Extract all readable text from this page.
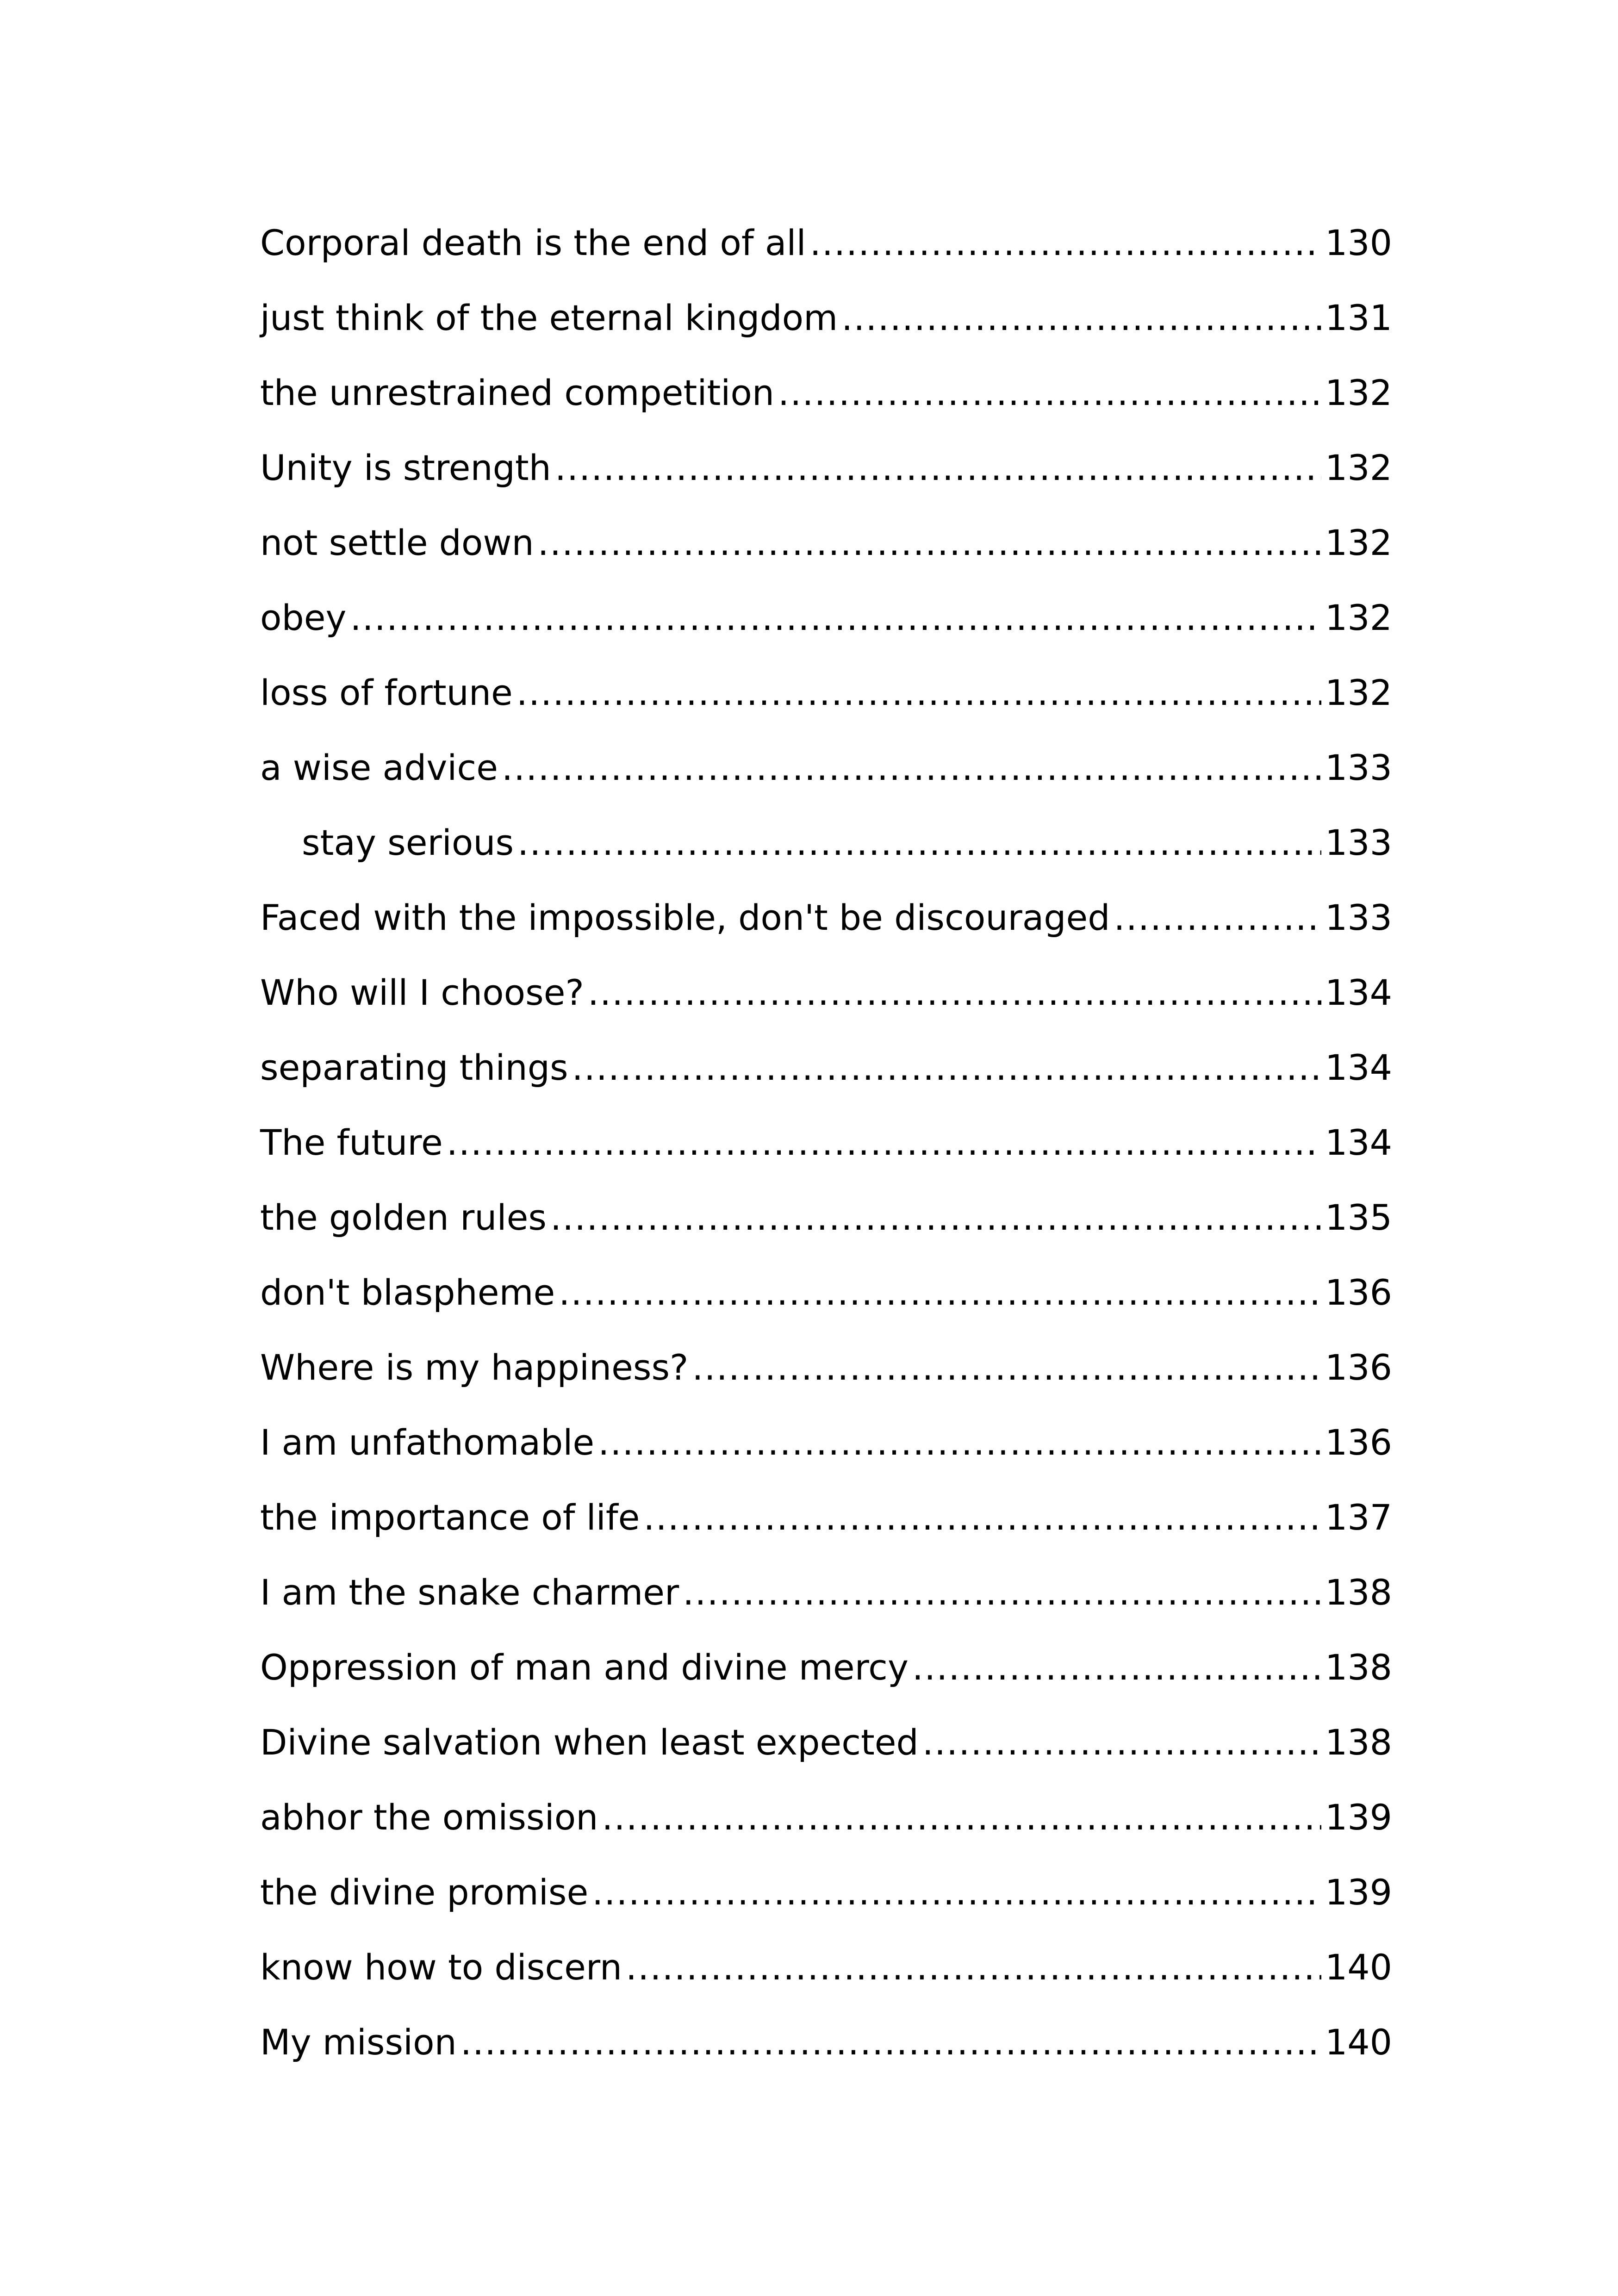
Corporal death is the end of all .....	130
just think of the eternal kingdom .....	131
the unrestrained competition .....	132
Unity is strength .....	132
not settle down .....	132
obey .....	132
loss of fortune .....	132
a wise advice .....	133
stay serious .....	133
Faced with the impossible, don't be discouraged .....	133
Who will I choose? .....	134
separating things .....	134
The future .....	134
the golden rules .....	135
don't blaspheme .....	136
Where is my happiness? .....	136
I am unfathomable .....	136
the importance of life .....	137
I am the snake charmer .....	138
Oppression of man and divine mercy .....	138
Divine salvation when least expected .....	138
abhor the omission .....	139
the divine promise .....	139
know how to discern .....	140
My mission .....	140
